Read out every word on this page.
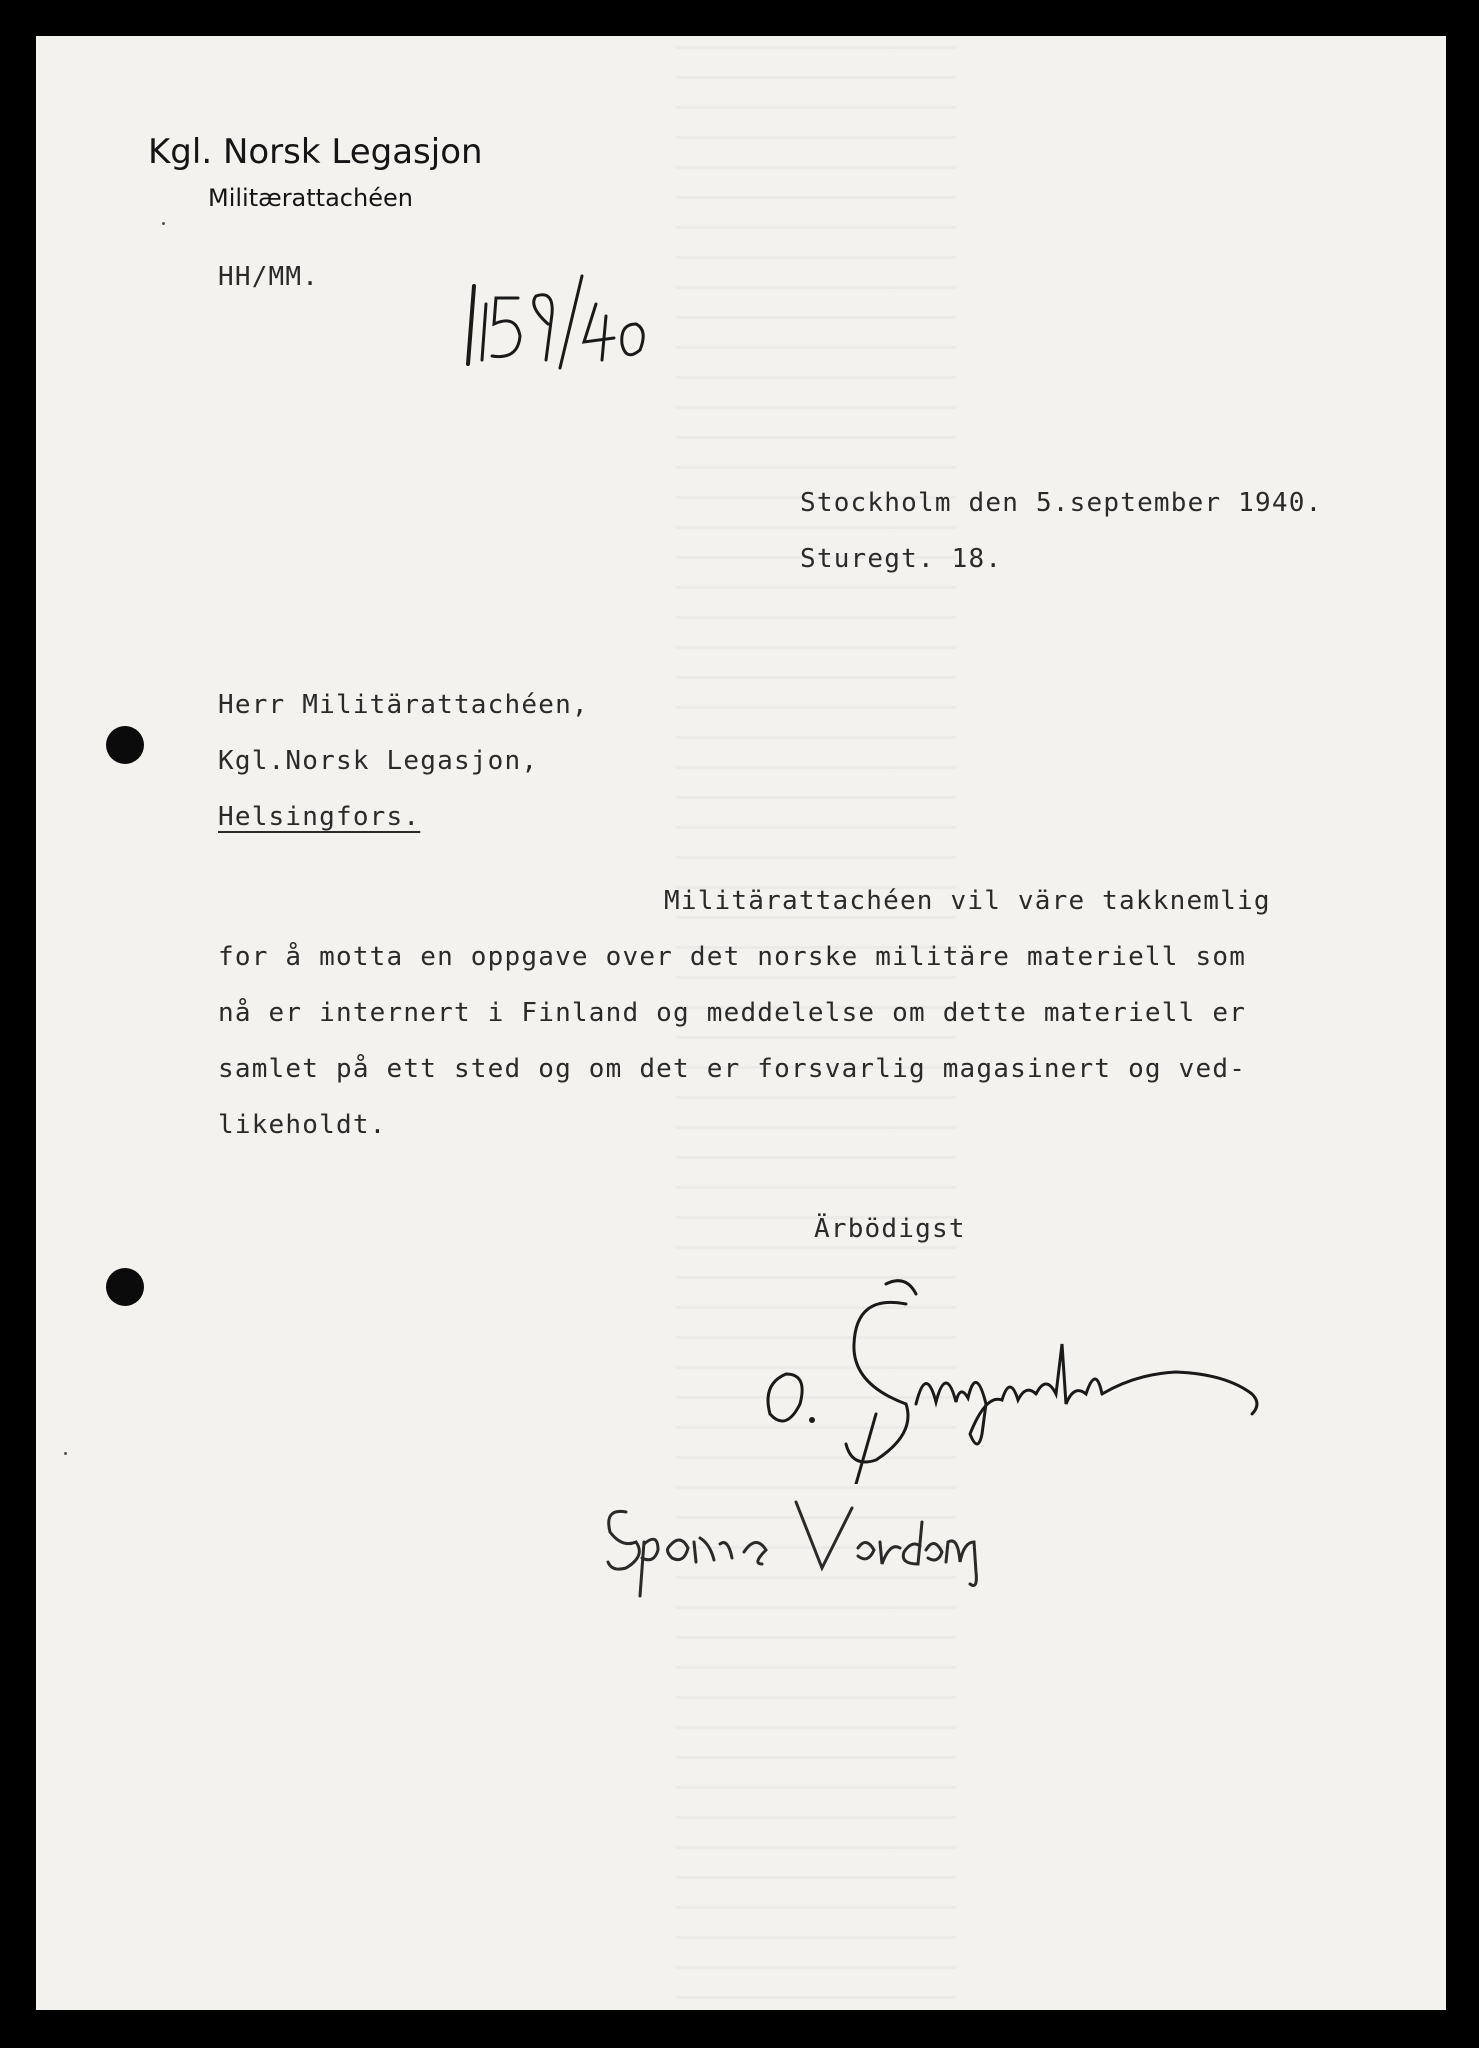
Kgl. Norsk Legasjon
Militærattachéen
HH/MM.
Stockholm den 5.september 1940.
Sturegt. 18.
Herr Militärattachéen,
Kgl.Norsk Legasjon,
Helsingfors.
Militärattachéen vil väre takknemlig
for å motta en oppgave over det norske militäre materiell som
nå er internert i Finland og meddelelse om dette materiell er
samlet på ett sted og om det er forsvarlig magasinert og ved-
likeholdt.
Ärbödigst
